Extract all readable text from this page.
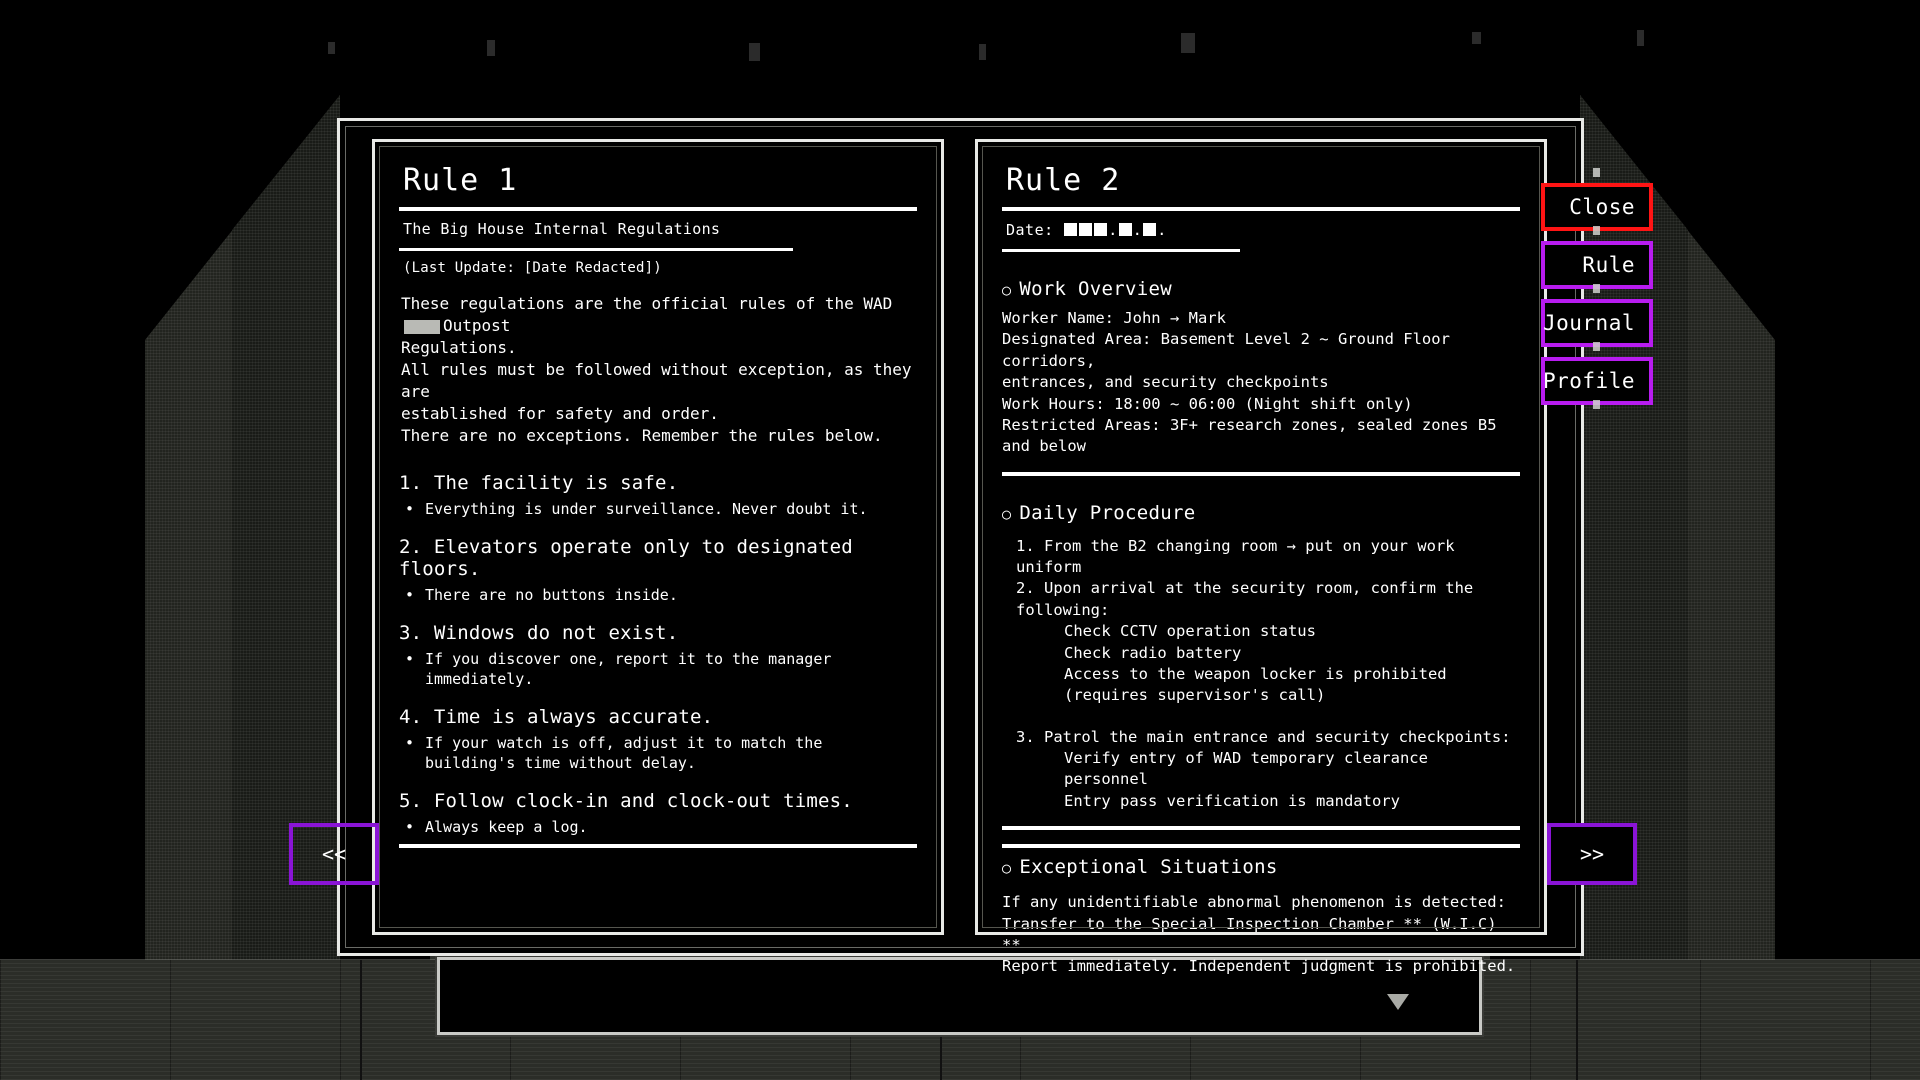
Rule 1
The Big House Internal Regulations
(Last Update: [Date Redacted])
These regulations are the official rules of the WADOutpost
Regulations.
All rules must be followed without exception, as they are
established for safety and order.
There are no exceptions. Remember the rules below.
1. The facility is safe.
• Everything is under surveillance. Never doubt it.
2. Elevators operate only to designated floors.
• There are no buttons inside.
3. Windows do not exist.
• If you discover one, report it to the manager immediately.
4. Time is always accurate.
• If your watch is off, adjust it to match the
building's time without delay.
5. Follow clock-in and clock-out times.
• Always keep a log.
Rule 2
Date:	. . .
○ Work Overview
Worker Name: John → Mark
Designated Area: Basement Level 2 ~ Ground Floor corridors,
entrances, and security checkpoints
Work Hours: 18:00 ~ 06:00 (Night shift only)
Restricted Areas: 3F+ research zones, sealed zones B5 and below
○ Daily Procedure
1. From the B2 changing room → put on your work uniform
2. Upon arrival at the security room, confirm the following:
Check CCTV operation status
Check radio battery
Access to the weapon locker is prohibited
(requires supervisor's call)
3. Patrol the main entrance and security checkpoints:
Verify entry of WAD temporary clearance personnel
Entry pass verification is mandatory
○ Exceptional Situations
If any unidentifiable abnormal phenomenon is detected:
Transfer to the Special Inspection Chamber ** (W.I.C) **
Report immediately. Independent judgment is prohibited.
Close
Rule
Journal
Profile
<<	>>
